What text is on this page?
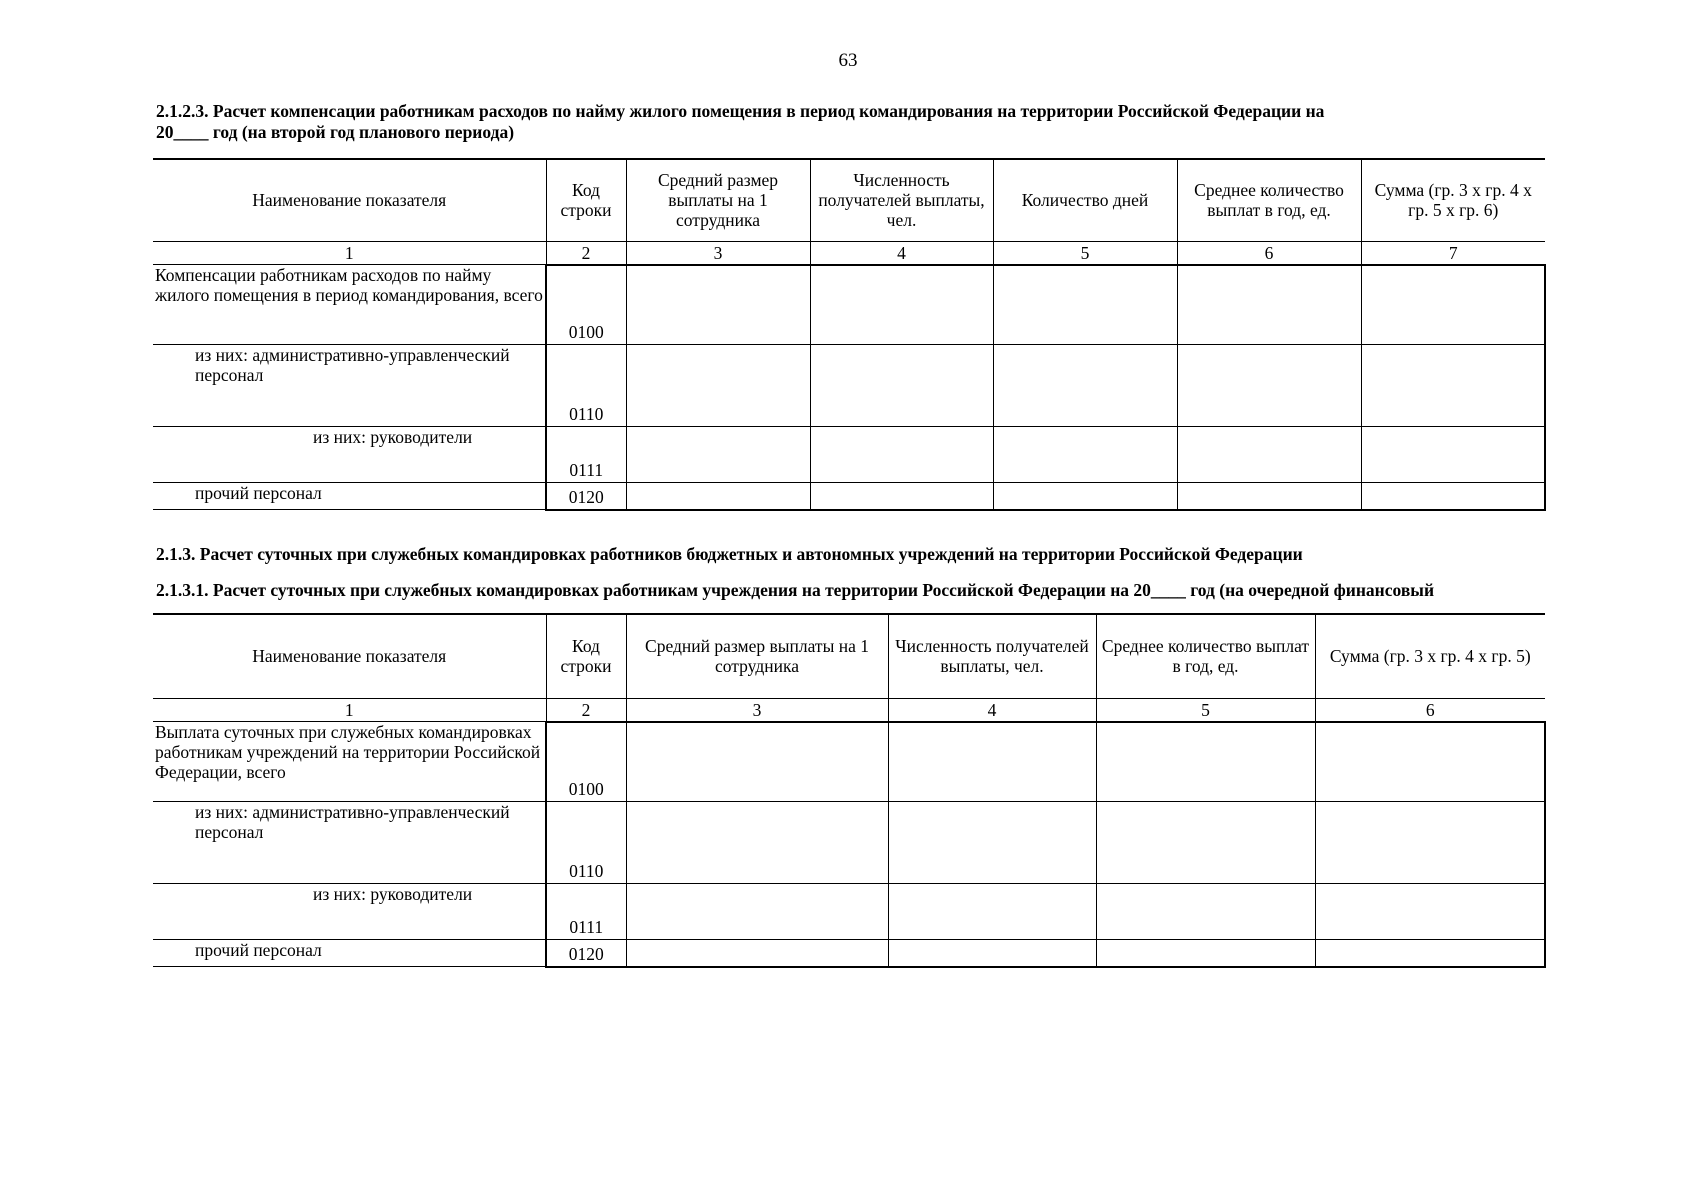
63
2.1.2.3. Расчет компенсации работникам расходов по найму жилого помещения в период командирования на территории Российской Федерации на
20____ год (на второй год планового периода)
Наименование показателя	Код строки	Средний размер выплаты на 1 сотрудника	Численность получателей выплаты, чел.	Количество дней	Среднее количество выплат в год, ед.	Сумма (гр. 3 х гр. 4 х гр. 5 х гр. 6)
1	2	3	4	5	6	7
Компенсации работникам расходов по найму жилого помещения в период командирования, всего	0100					
из них: административно-управленческий персонал	0110					
из них: руководители	0111					
прочий персонал	0120					
2.1.3. Расчет суточных при служебных командировках работников бюджетных и автономных учреждений на территории Российской Федерации
2.1.3.1. Расчет суточных при служебных командировках работникам учреждения на территории Российской Федерации на 20____ год (на очередной финансовый
Наименование показателя	Код строки	Средний размер выплаты на 1 сотрудника	Численность получателей выплаты, чел.	Среднее количество выплат в год, ед.	Сумма (гр. 3 х гр. 4 х гр. 5)
1	2	3	4	5	6
Выплата суточных при служебных командировках работникам учреждений на территории Российской Федерации, всего	0100				
из них: административно-управленческий персонал	0110				
из них: руководители	0111				
прочий персонал	0120				
